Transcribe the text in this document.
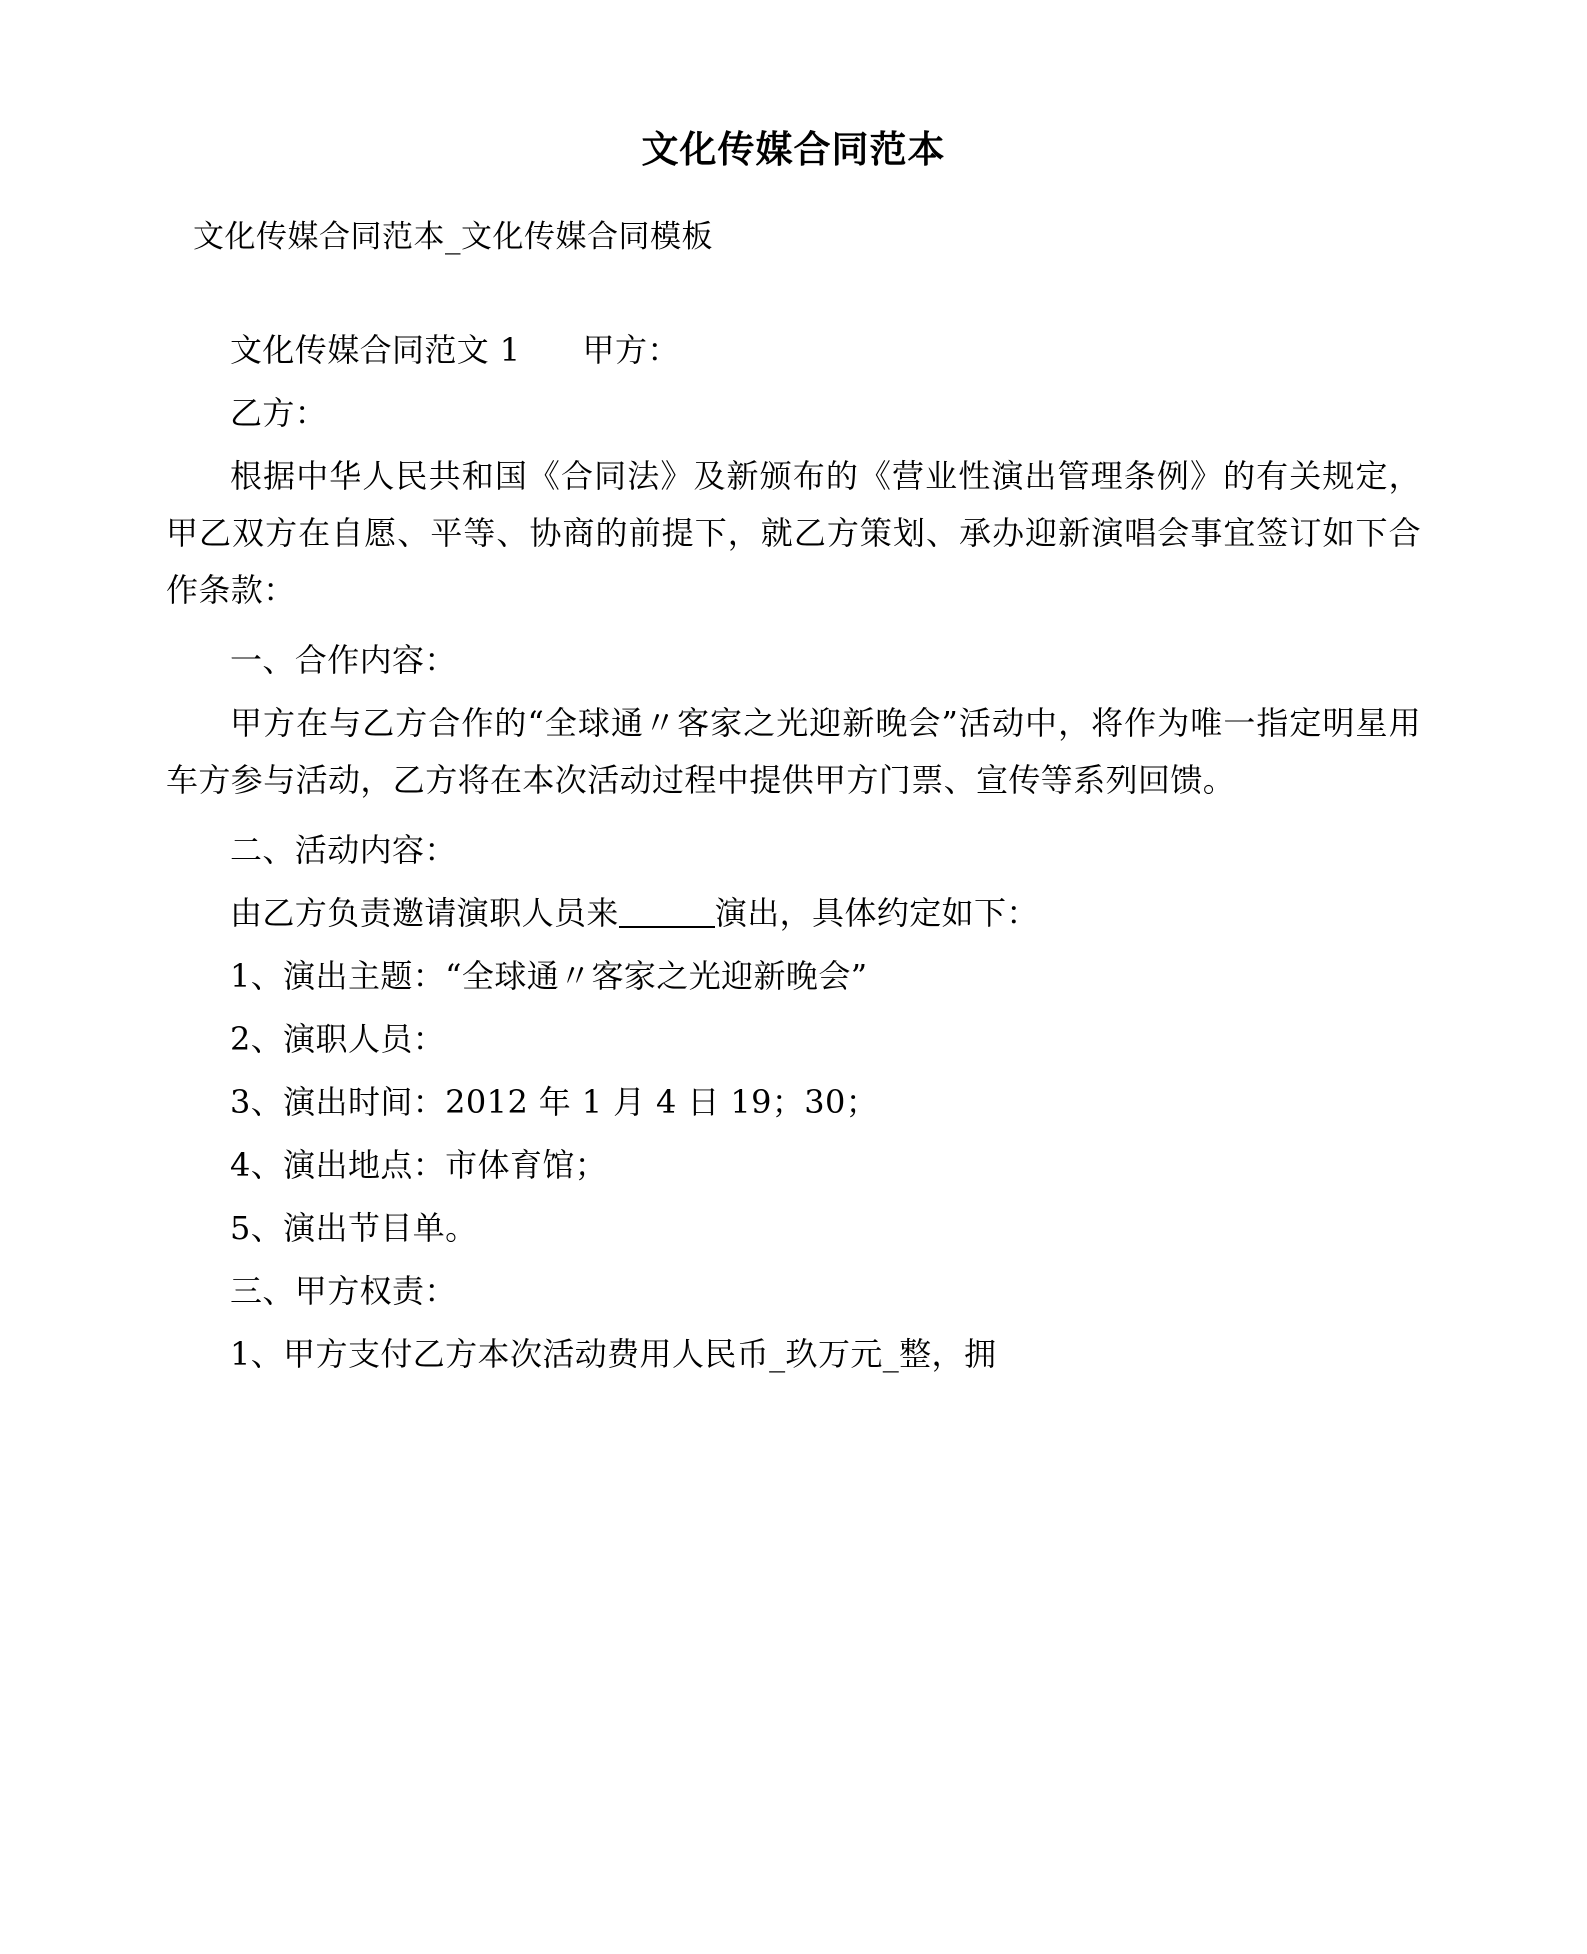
文化传媒合同范本
文化传媒合同范本_文化传媒合同模板

文化传媒合同范文 1 甲方：

乙方：

根据中华人民共和国《合同法》及新颁布的《营业性演出管理条例》的有关规定，甲乙双方在自愿、平等、协商的前提下，就乙方策划、承办迎新演唱会事宜签订如下合作条款：

一、合作内容：

甲方在与乙方合作的“全球通〃客家之光迎新晚会”活动中，将作为唯一指定明星用车方参与活动，乙方将在本次活动过程中提供甲方门票、宣传等系列回馈。

二、活动内容：

由乙方负责邀请演职人员来	演出，具体约定如下：

1、演出主题：“全球通〃客家之光迎新晚会”

2、演职人员：

3、演出时间：2012 年 1 月 4 日 19；30；

4、演出地点：市体育馆；

5、演出节目单。

三、甲方权责：

1、甲方支付乙方本次活动费用人民币_玖万元_整，拥
